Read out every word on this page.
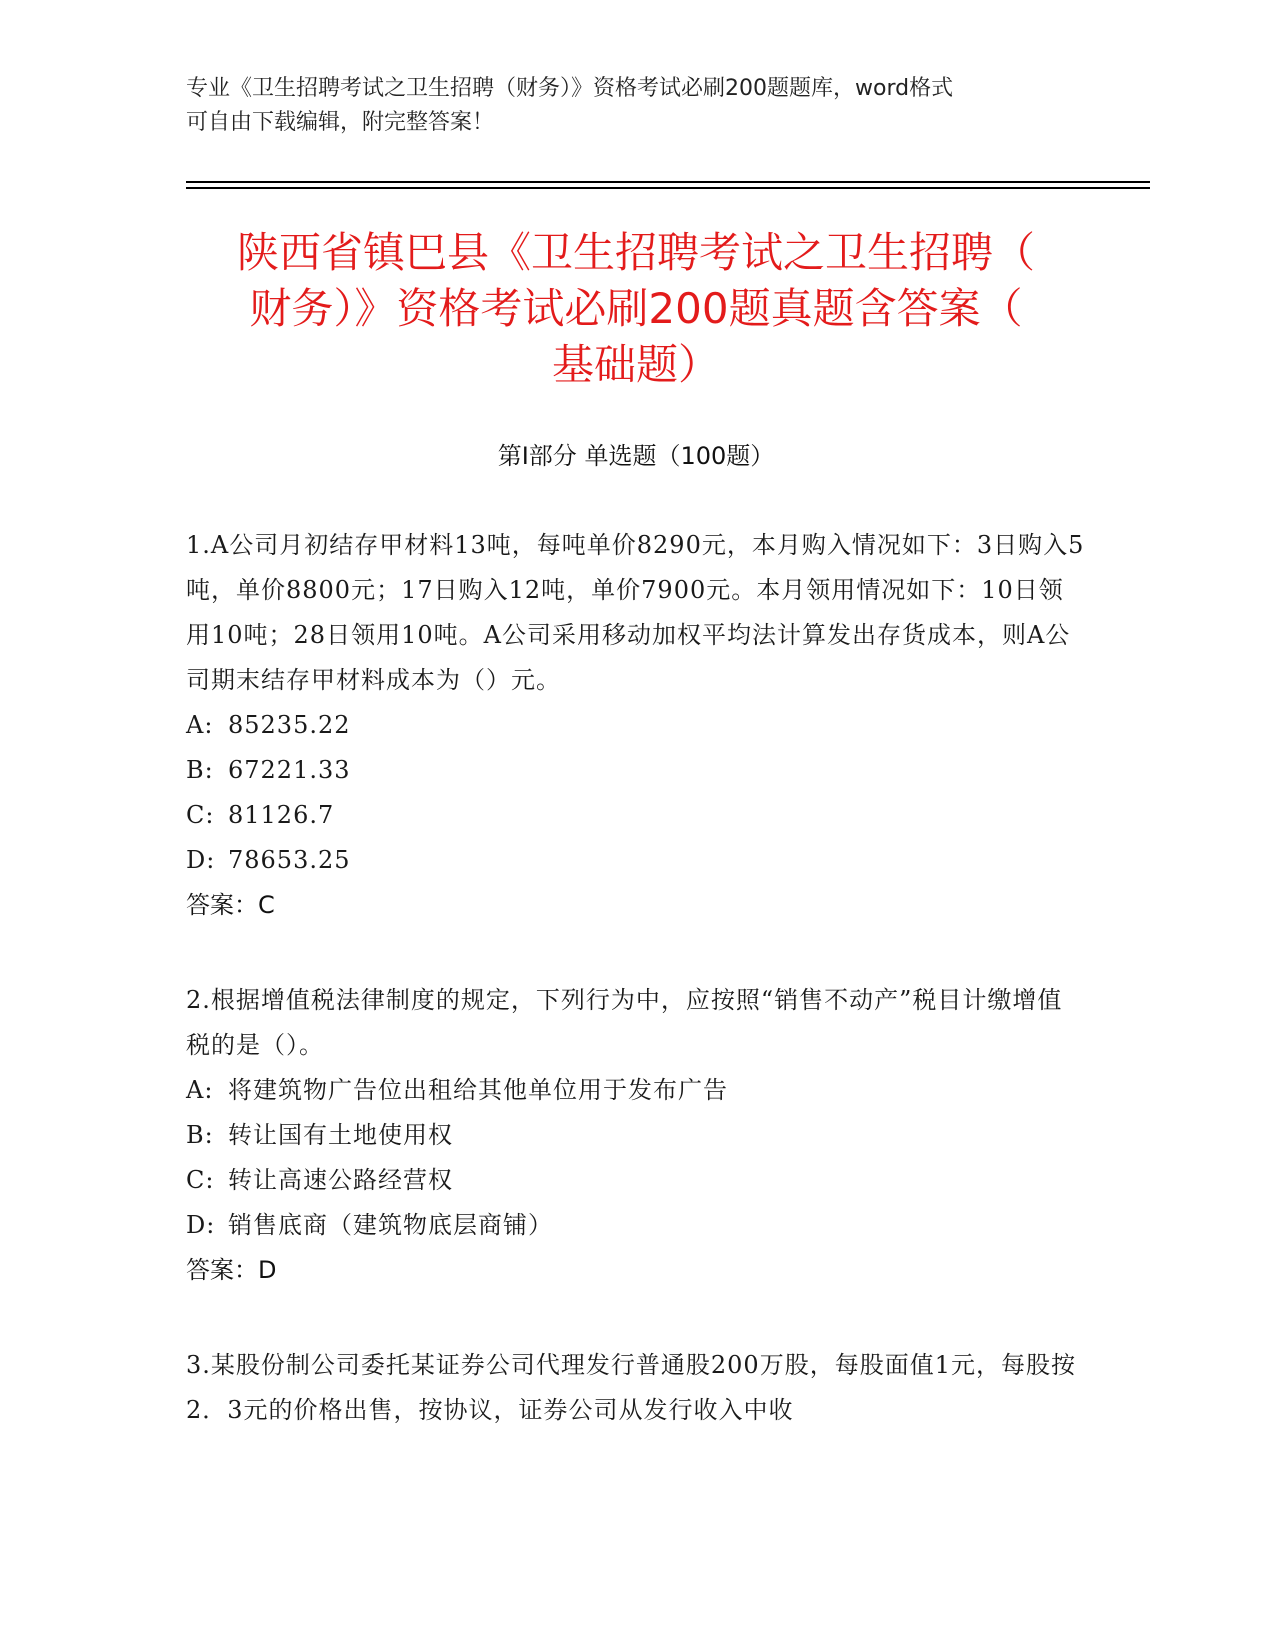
专业《卫生招聘考试之卫生招聘（财务）》资格考试必刷200题题库，word格式
可自由下载编辑，附完整答案！
陕西省镇巴县《卫生招聘考试之卫生招聘（
财务）》资格考试必刷200题真题含答案（
基础题）
第Ⅰ部分 单选题（100题）
1.A公司月初结存甲材料13吨，每吨单价8290元，本月购入情况如下：3日购入5吨，单价8800元；17日购入12吨，单价7900元。本月领用情况如下：10日领用10吨；28日领用10吨。A公司采用移动加权平均法计算发出存货成本，则A公司期末结存甲材料成本为（）元。
A: 85235.22
B: 67221.33
C: 81126.7
D: 78653.25
答案：C
2.根据增值税法律制度的规定，下列行为中，应按照“销售不动产”税目计缴增值税的是（）。
A: 将建筑物广告位出租给其他单位用于发布广告
B: 转让国有土地使用权
C: 转让高速公路经营权
D: 销售底商（建筑物底层商铺）
答案：D
3.某股份制公司委托某证券公司代理发行普通股200万股，每股面值1元，每股按2．3元的价格出售，按协议，证券公司从发行收入中收
